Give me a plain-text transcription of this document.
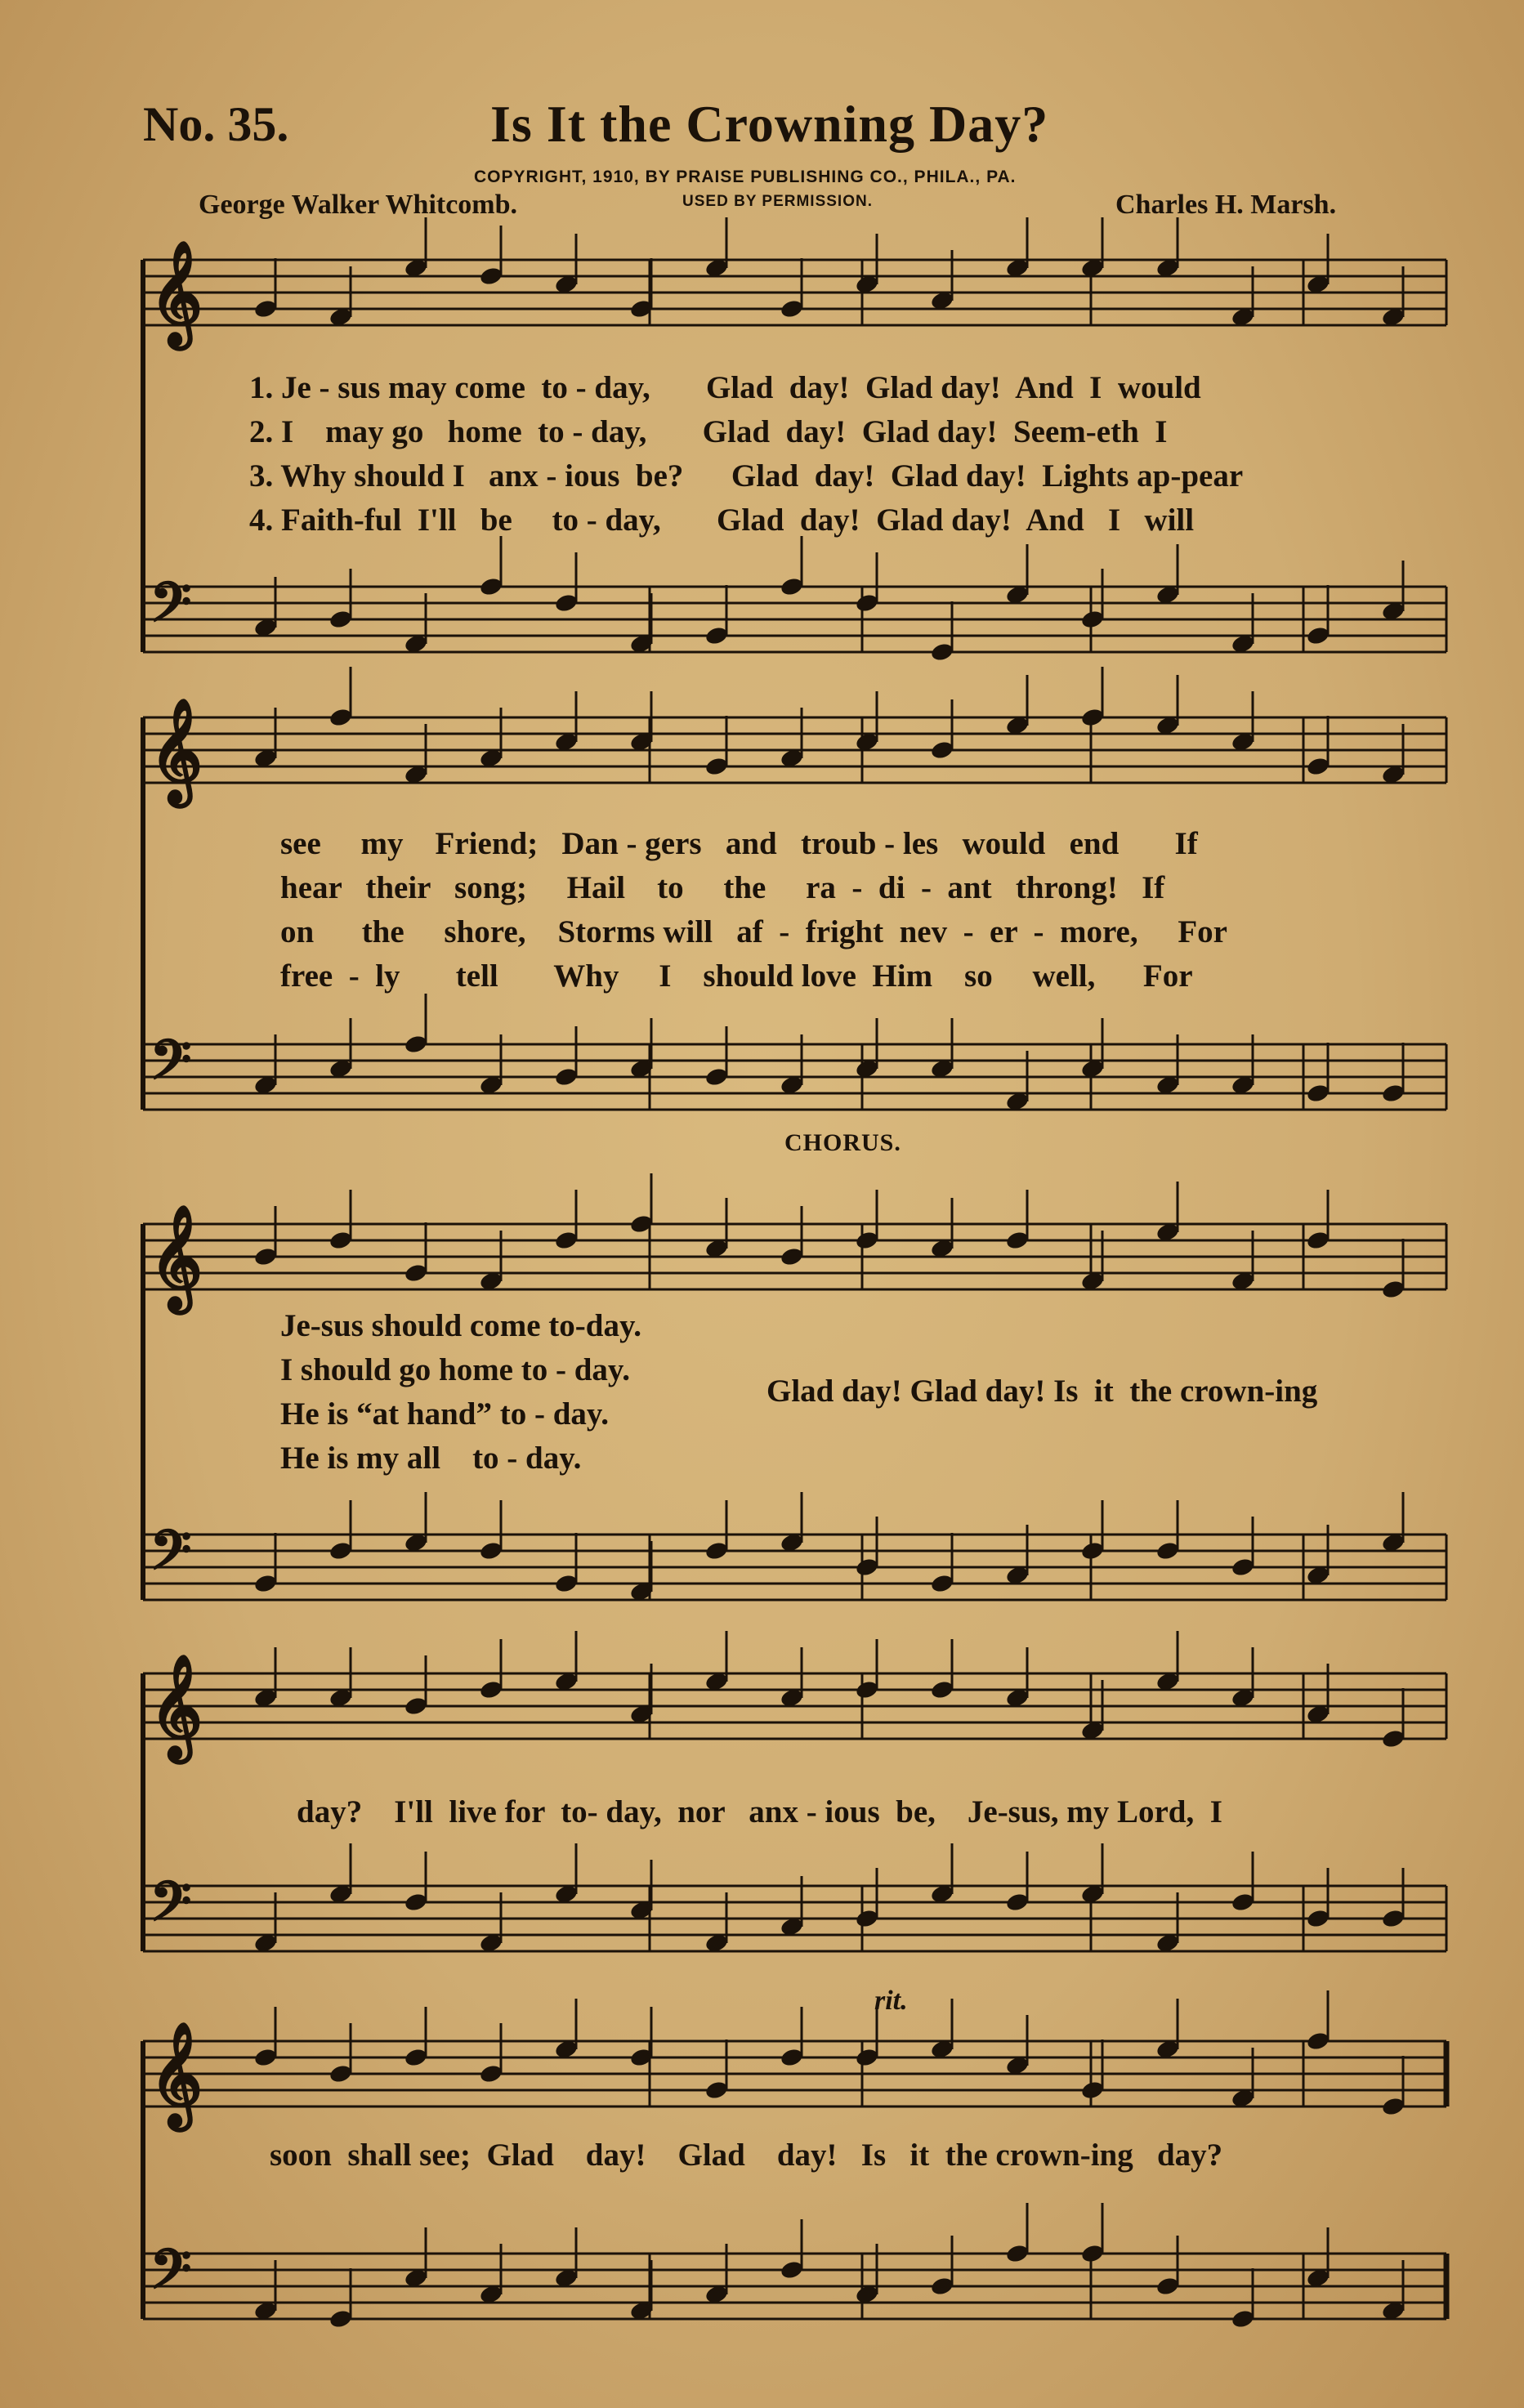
No. 35.	Is It the Crowning Day?
COPYRIGHT, 1910, BY PRAISE PUBLISHING CO., PHILA., PA.
USED BY PERMISSION.
George Walker Whitcomb.	Charles H. Marsh.
𝄞
𝄢
𝄞
𝄢
𝄞
𝄢
𝄞
𝄢
𝄞
𝄢
1. Je - sus may come  to - day,       Glad  day!  Glad day!  And  I  would
2. I    may go   home  to - day,       Glad  day!  Glad day!  Seem-eth  I
3. Why should I   anx - ious  be?      Glad  day!  Glad day!  Lights ap-pear
4. Faith-ful  I'll   be     to - day,       Glad  day!  Glad day!  And   I   will
see     my    Friend;   Dan - gers   and   troub - les   would   end       If
hear   their   song;     Hail    to     the     ra  -  di  -  ant   throng!   If
on      the     shore,    Storms will   af  -  fright  nev  -  er  -  more,     For
free  -  ly       tell       Why     I    should love  Him    so     well,      For
CHORUS.
Je-sus should come to-day.
I should go home to - day.
He is “at hand” to - day.
He is my all    to - day.
Glad day! Glad day! Is  it  the crown-ing
day?    I'll  live for  to- day,  nor   anx - ious  be,    Je-sus, my Lord,  I
rit.
soon  shall see;  Glad    day!    Glad    day!   Is   it  the crown-ing   day?
